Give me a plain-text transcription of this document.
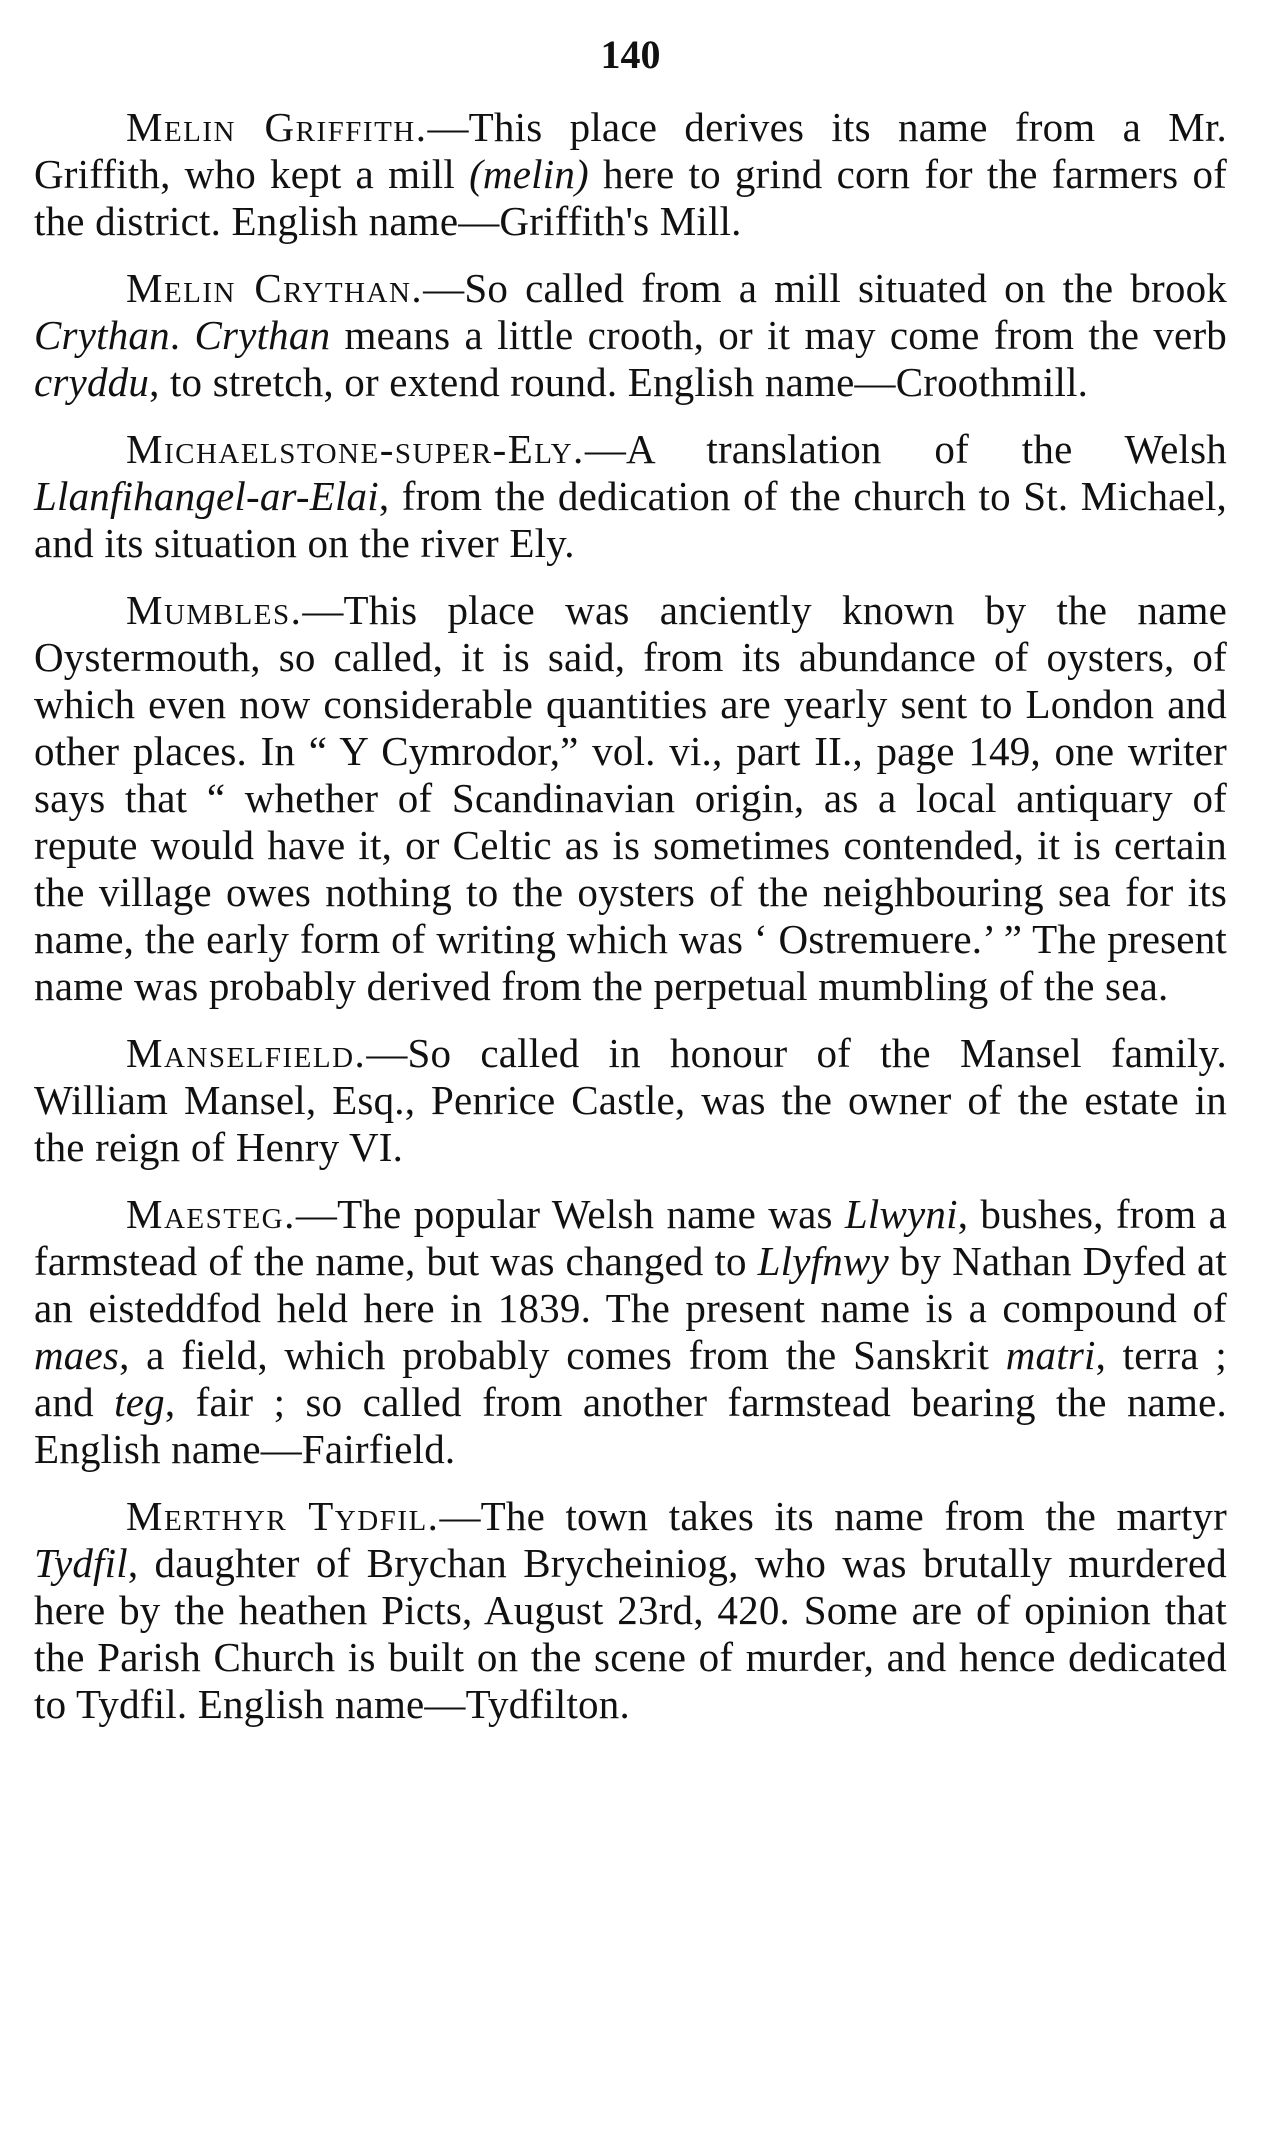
140

Melin Griffith.—This place derives its name from a Mr. Griffith, who kept a mill (melin) here to grind corn for the farmers of the district. English name—Griffith's Mill.

Melin Crythan.—So called from a mill situated on the brook Crythan. Crythan means a little crooth, or it may come from the verb cryddu, to stretch, or extend round. English name—Croothmill.

Michaelstone-super-Ely.—A translation of the Welsh Llanfihangel-ar-Elai, from the dedication of the church to St. Michael, and its situation on the river Ely.

Mumbles.—This place was anciently known by the name Oystermouth, so called, it is said, from its abundance of oysters, of which even now considerable quantities are yearly sent to London and other places. In “ Y Cymrodor,” vol. vi., part II., page 149, one writer says that “ whether of Scandinavian origin, as a local antiquary of repute would have it, or Celtic as is sometimes contended, it is certain the village owes nothing to the oysters of the neighbouring sea for its name, the early form of writing which was ‘ Ostremuere.’ ” The present name was probably derived from the perpetual mumbling of the sea.

Manselfield.—So called in honour of the Mansel family. William Mansel, Esq., Penrice Castle, was the owner of the estate in the reign of Henry VI.

Maesteg.—The popular Welsh name was Llwyni, bushes, from a farmstead of the name, but was changed to Llyfnwy by Nathan Dyfed at an eisteddfod held here in 1839. The present name is a compound of maes, a field, which probably comes from the Sanskrit matri, terra ; and teg, fair ; so called from another farmstead bearing the name. English name—Fairfield.

Merthyr Tydfil.—The town takes its name from the martyr Tydfil, daughter of Brychan Brycheiniog, who was brutally murdered here by the heathen Picts, August 23rd, 420. Some are of opinion that the Parish Church is built on the scene of murder, and hence dedicated to Tydfil. English name—Tydfilton.
